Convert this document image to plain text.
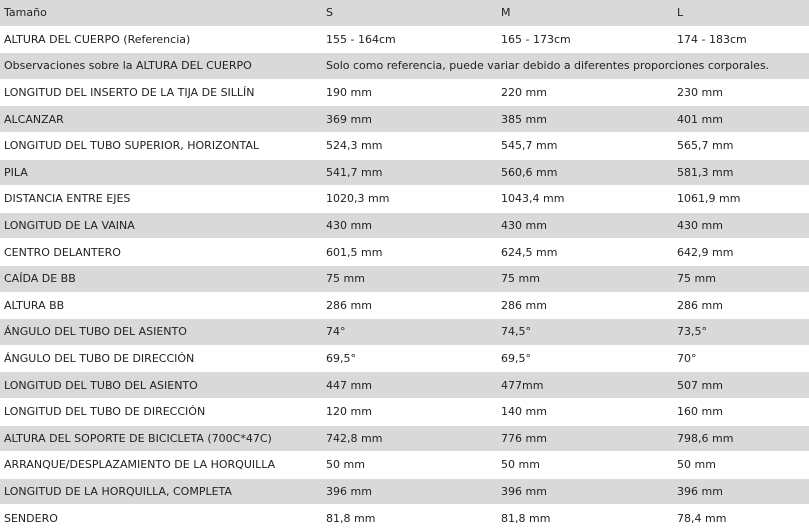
Tamaño	S	M	L
ALTURA DEL CUERPO (Referencia)	155 - 164cm	165 - 173cm	174 - 183cm
Observaciones sobre la ALTURA DEL CUERPO	Solo como referencia, puede variar debido a diferentes proporciones corporales.		
LONGITUD DEL INSERTO DE LA TIJA DE SILLÍN	190 mm	220 mm	230 mm
ALCANZAR	369 mm	385 mm	401 mm
LONGITUD DEL TUBO SUPERIOR, HORIZONTAL	524,3 mm	545,7 mm	565,7 mm
PILA	541,7 mm	560,6 mm	581,3 mm
DISTANCIA ENTRE EJES	1020,3 mm	1043,4 mm	1061,9 mm
LONGITUD DE LA VAINA	430 mm	430 mm	430 mm
CENTRO DELANTERO	601,5 mm	624,5 mm	642,9 mm
CAÍDA DE BB	75 mm	75 mm	75 mm
ALTURA BB	286 mm	286 mm	286 mm
ÁNGULO DEL TUBO DEL ASIENTO	74°	74,5°	73,5°
ÁNGULO DEL TUBO DE DIRECCIÓN	69,5°	69,5°	70°
LONGITUD DEL TUBO DEL ASIENTO	447 mm	477mm	507 mm
LONGITUD DEL TUBO DE DIRECCIÓN	120 mm	140 mm	160 mm
ALTURA DEL SOPORTE DE BICICLETA (700C*47C)	742,8 mm	776 mm	798,6 mm
ARRANQUE/DESPLAZAMIENTO DE LA HORQUILLA	50 mm	50 mm	50 mm
LONGITUD DE LA HORQUILLA, COMPLETA	396 mm	396 mm	396 mm
SENDERO	81,8 mm	81,8 mm	78,4 mm
